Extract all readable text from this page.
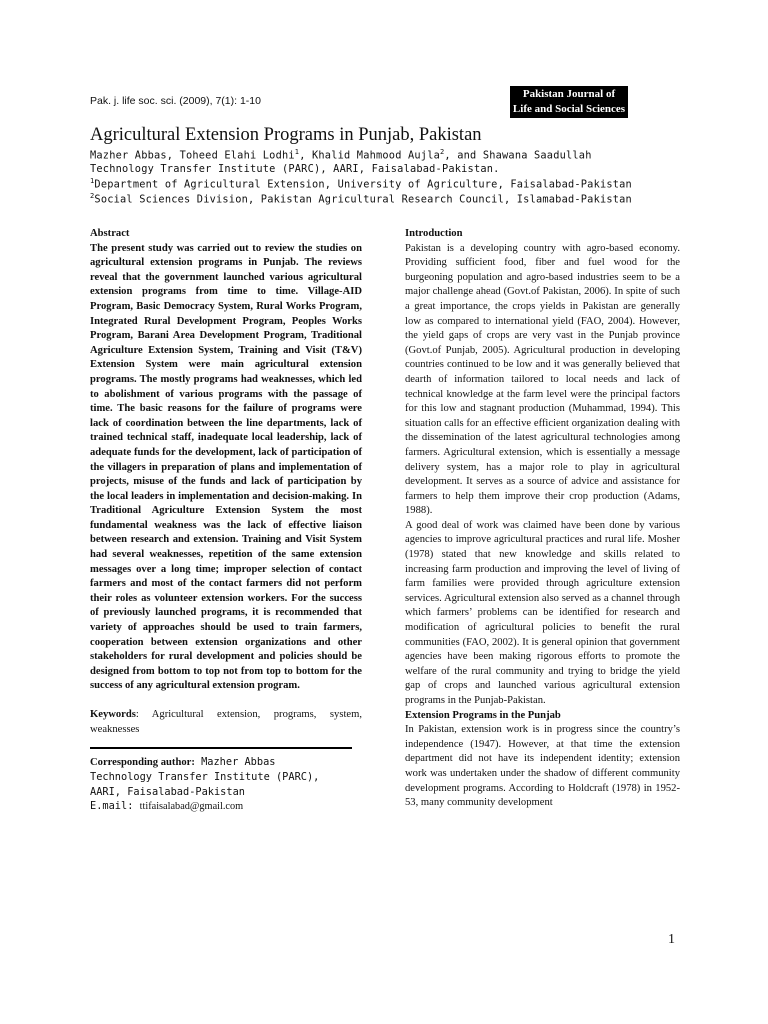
Pak. j. life soc. sci. (2009), 7(1): 1-10
Pakistan Journal of
Life and Social Sciences
Agricultural Extension Programs in Punjab, Pakistan
Mazher Abbas, Toheed Elahi Lodhi$^1$, Khalid Mahmood Aujla$^2$, and Shawana Saadullah
Technology Transfer Institute (PARC), AARI, Faisalabad-Pakistan.
$^1$Department of Agricultural Extension, University of Agriculture, Faisalabad-Pakistan
$^2$Social Sciences Division, Pakistan Agricultural Research Council, Islamabad-Pakistan

Abstract

The present study was carried out to review the studies on agricultural extension programs in Punjab. The reviews reveal that the government launched various agricultural extension programs from time to time. Village-AID Program, Basic Democracy System, Rural Works Program, Integrated Rural Development Program, Peoples Works Program, Barani Area Development Program, Traditional Agriculture Extension System, Training and Visit (T&V) Extension System were main agricultural extension programs. The mostly programs had weaknesses, which led to abolishment of various programs with the passage of time. The basic reasons for the failure of programs were lack of coordination between the line departments, lack of trained technical staff, inadequate local leadership, lack of adequate funds for the development, lack of participation of the villagers in preparation of plans and implementation of projects, misuse of the funds and lack of participation by the local leaders in implementation and decision-making. In Traditional Agriculture Extension System the most fundamental weakness was the lack of effective liaison between research and extension. Training and Visit System had several weaknesses, repetition of the same extension messages over a long time; improper selection of contact farmers and most of the contact farmers did not perform their roles as volunteer extension workers. For the success of previously launched programs, it is recommended that variety of approaches should be used to train farmers, cooperation between extension organizations and other stakeholders for rural development and policies should be designed from bottom to top not from top to bottom for the success of any agricultural extension program.

Keywords: Agricultural extension, programs, system, weaknesses

Corresponding author: Mazher Abbas
Technology Transfer Institute (PARC),
AARI, Faisalabad-Pakistan
E.mail: ttifaisalabad@gmail.com

Introduction

Pakistan is a developing country with agro-based economy. Providing sufficient food, fiber and fuel wood for the burgeoning population and agro-based industries seem to be a major challenge ahead (Govt.of Pakistan, 2006). In spite of such a great importance, the crops yields in Pakistan are generally low as compared to international yield (FAO, 2004). However, the yield gaps of crops are very vast in the Punjab province (Govt.of Punjab, 2005). Agricultural production in developing countries continued to be low and it was generally believed that dearth of information tailored to local needs and lack of technical knowledge at the farm level were the principal factors for this low and stagnant production (Muhammad, 1994). This situation calls for an effective efficient organization dealing with the dissemination of the latest agricultural technologies among farmers. Agricultural extension, which is essentially a message delivery system, has a major role to play in agricultural development. It serves as a source of advice and assistance for farmers to help them improve their crop production (Adams, 1988).

A good deal of work was claimed have been done by various agencies to improve agricultural practices and rural life. Mosher (1978) stated that new knowledge and skills related to increasing farm production and improving the level of living of farm families were provided through agriculture extension services. Agricultural extension also served as a channel through which farmers’ problems can be identified for research and modification of agricultural policies to benefit the rural communities (FAO, 2002). It is general opinion that government agencies have been making rigorous efforts to promote the welfare of the rural community and trying to bridge the yield gap of crops and launched various agricultural extension programs in the Punjab-Pakistan.

Extension Programs in the Punjab

In Pakistan, extension work is in progress since the country’s independence (1947). However, at that time the extension department did not have its independent identity; extension work was undertaken under the shadow of different community development programs. According to Holdcraft (1978) in 1952-53, many community development

1
